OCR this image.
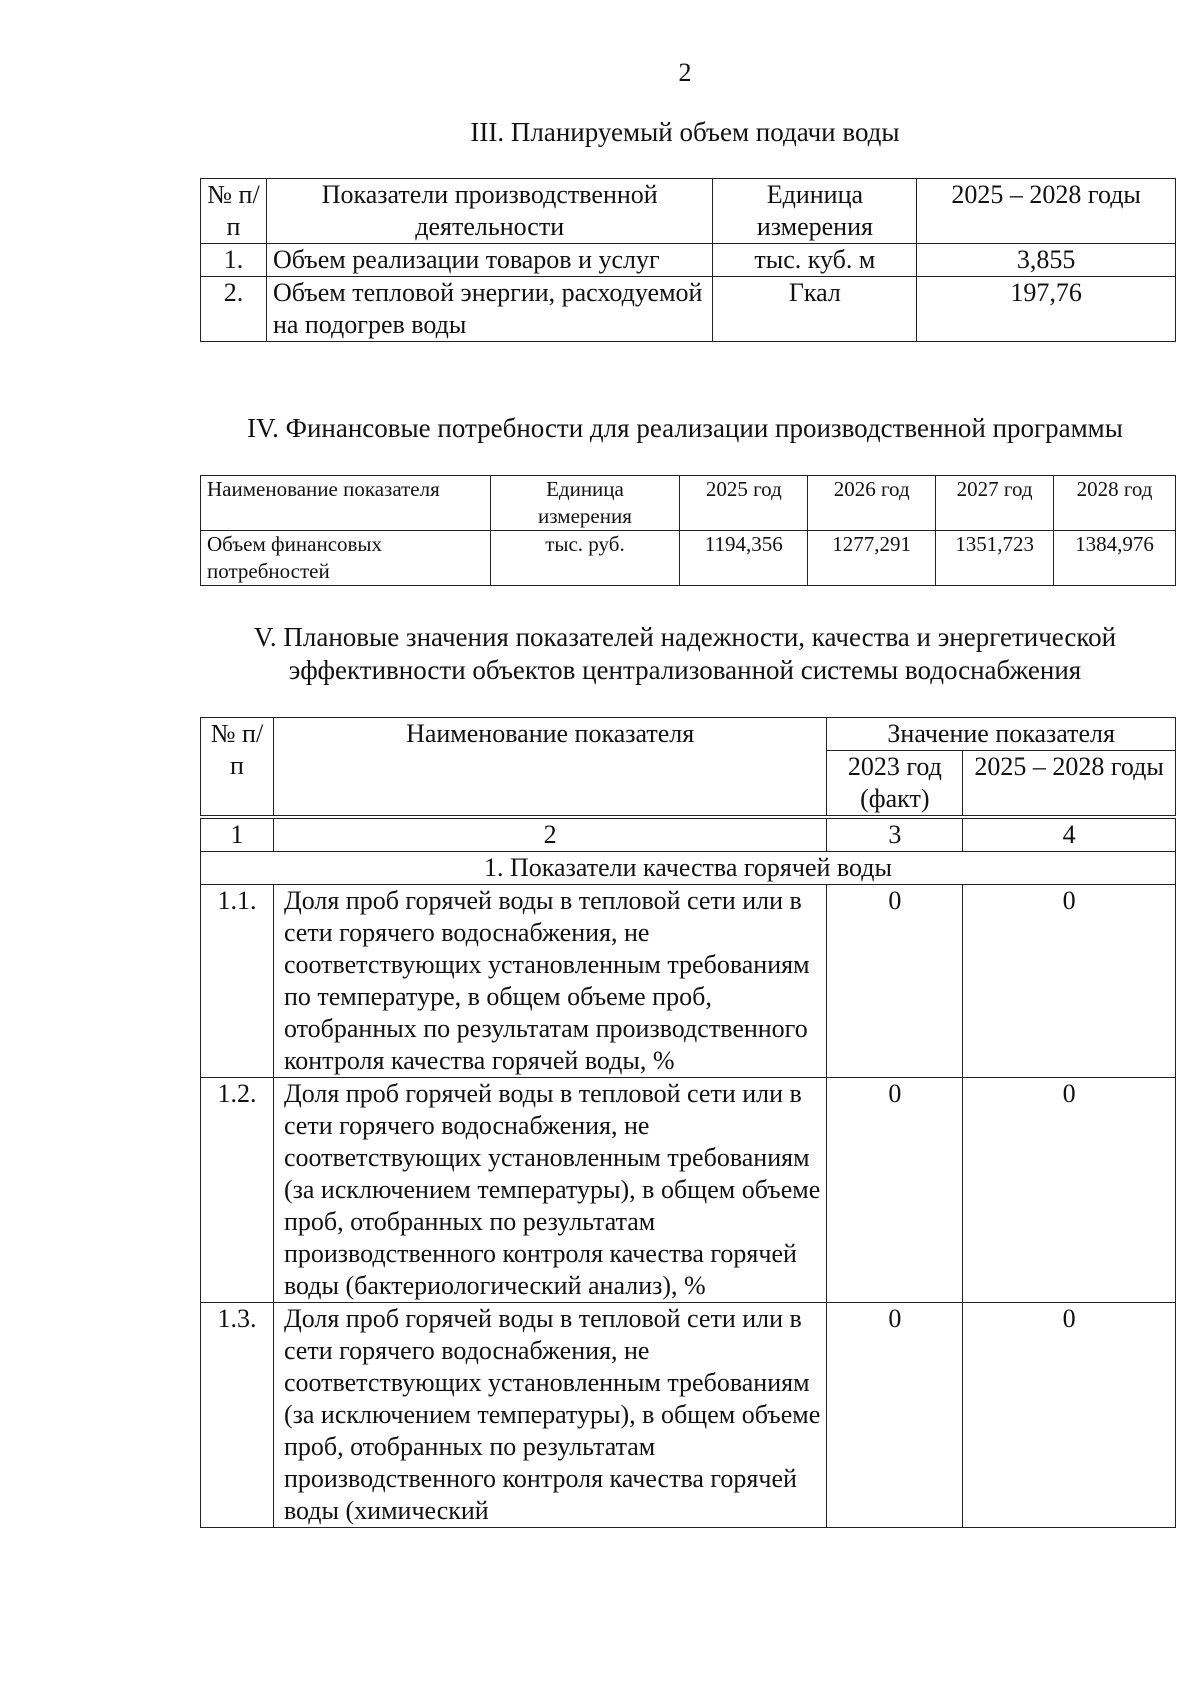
2
III. Планируемый объем подачи воды
№ п/п	Показатели производственной деятельности	Единица измерения	2025 – 2028 годы
1.	Объем реализации товаров и услуг	тыс. куб. м	3,855
2.	Объем тепловой энергии, расходуемой на подогрев воды	Гкал	197,76
IV. Финансовые потребности для реализации производственной программы
Наименование показателя	Единица измерения	2025 год	2026 год	2027 год	2028 год
Объем финансовых потребностей	тыс. руб.	1194,356	1277,291	1351,723	1384,976
V. Плановые значения показателей надежности, качества и энергетической
эффективности объектов централизованной системы водоснабжения
№ п/п	Наименование показателя	Значение показателя	
		2023 год (факт)	2025 – 2028 годы
1	2	3	4
1. Показатели качества горячей воды			
1.1.	Доля проб горячей воды в тепловой сети или в сети горячего водоснабжения, не соответствующих установленным требованиям по температуре, в общем объеме проб, отобранных по результатам производственного контроля качества горячей воды, %	0	0
1.2.	Доля проб горячей воды в тепловой сети или в сети горячего водоснабжения, не соответствующих установленным требованиям (за исключением температуры), в общем объеме проб, отобранных по результатам производственного контроля качества горячей воды (бактериологический анализ), %	0	0
1.3.	Доля проб горячей воды в тепловой сети или в сети горячего водоснабжения, не соответствующих установленным требованиям (за исключением температуры), в общем объеме проб, отобранных по результатам производственного контроля качества горячей воды (химический	0	0
